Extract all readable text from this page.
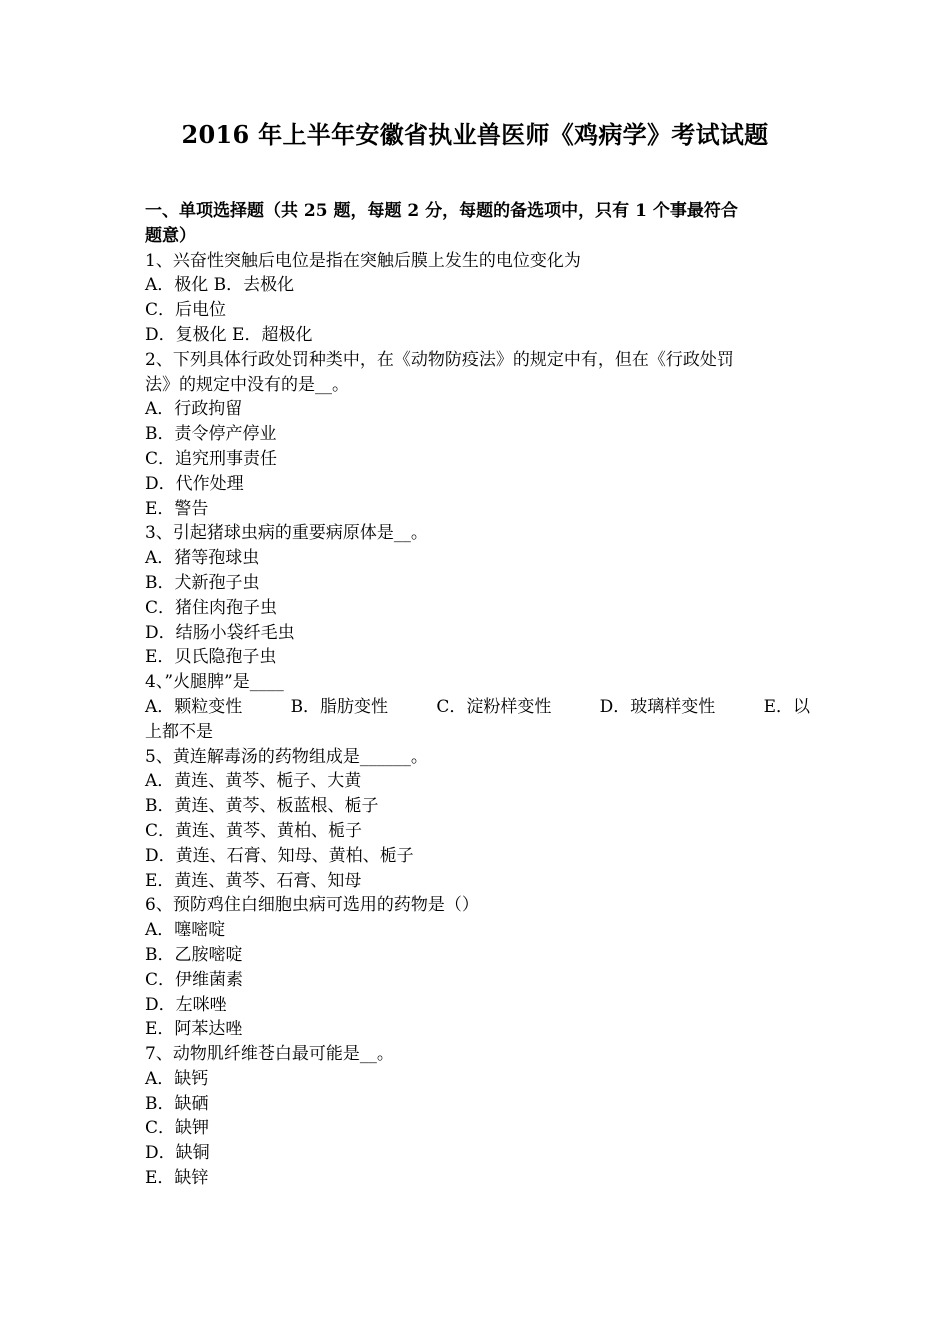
2016 年上半年安徽省执业兽医师《鸡病学》考试试题

一、单项选择题（共 25 题，每题 2 分，每题的备选项中，只有 1 个事最符合

题意）

1、兴奋性突触后电位是指在突触后膜上发生的电位变化为

A．极化 B．去极化

C．后电位

D．复极化 E．超极化

2、下列具体行政处罚种类中，在《动物防疫法》的规定中有，但在《行政处罚

法》的规定中没有的是__。

A．行政拘留

B．责令停产停业

C．追究刑事责任

D．代作处理

E．警告

3、引起猪球虫病的重要病原体是__。

A．猪等孢球虫

B．犬新孢子虫

C．猪住肉孢子虫

D．结肠小袋纤毛虫

E．贝氏隐孢子虫

4、”火腿脾”是____

A．颗粒变性	B．脂肪变性	C．淀粉样变性	D．玻璃样变性	E．以

上都不是

5、黄连解毒汤的药物组成是______。

A．黄连、黄芩、栀子、大黄

B．黄连、黄芩、板蓝根、栀子

C．黄连、黄芩、黄柏、栀子

D．黄连、石膏、知母、黄柏、栀子

E．黄连、黄芩、石膏、知母

6、预防鸡住白细胞虫病可选用的药物是（）

A．噻嘧啶

B．乙胺嘧啶

C．伊维菌素

D．左咪唑

E．阿苯达唑

7、动物肌纤维苍白最可能是__。

A．缺钙

B．缺硒

C．缺钾

D．缺铜

E．缺锌
